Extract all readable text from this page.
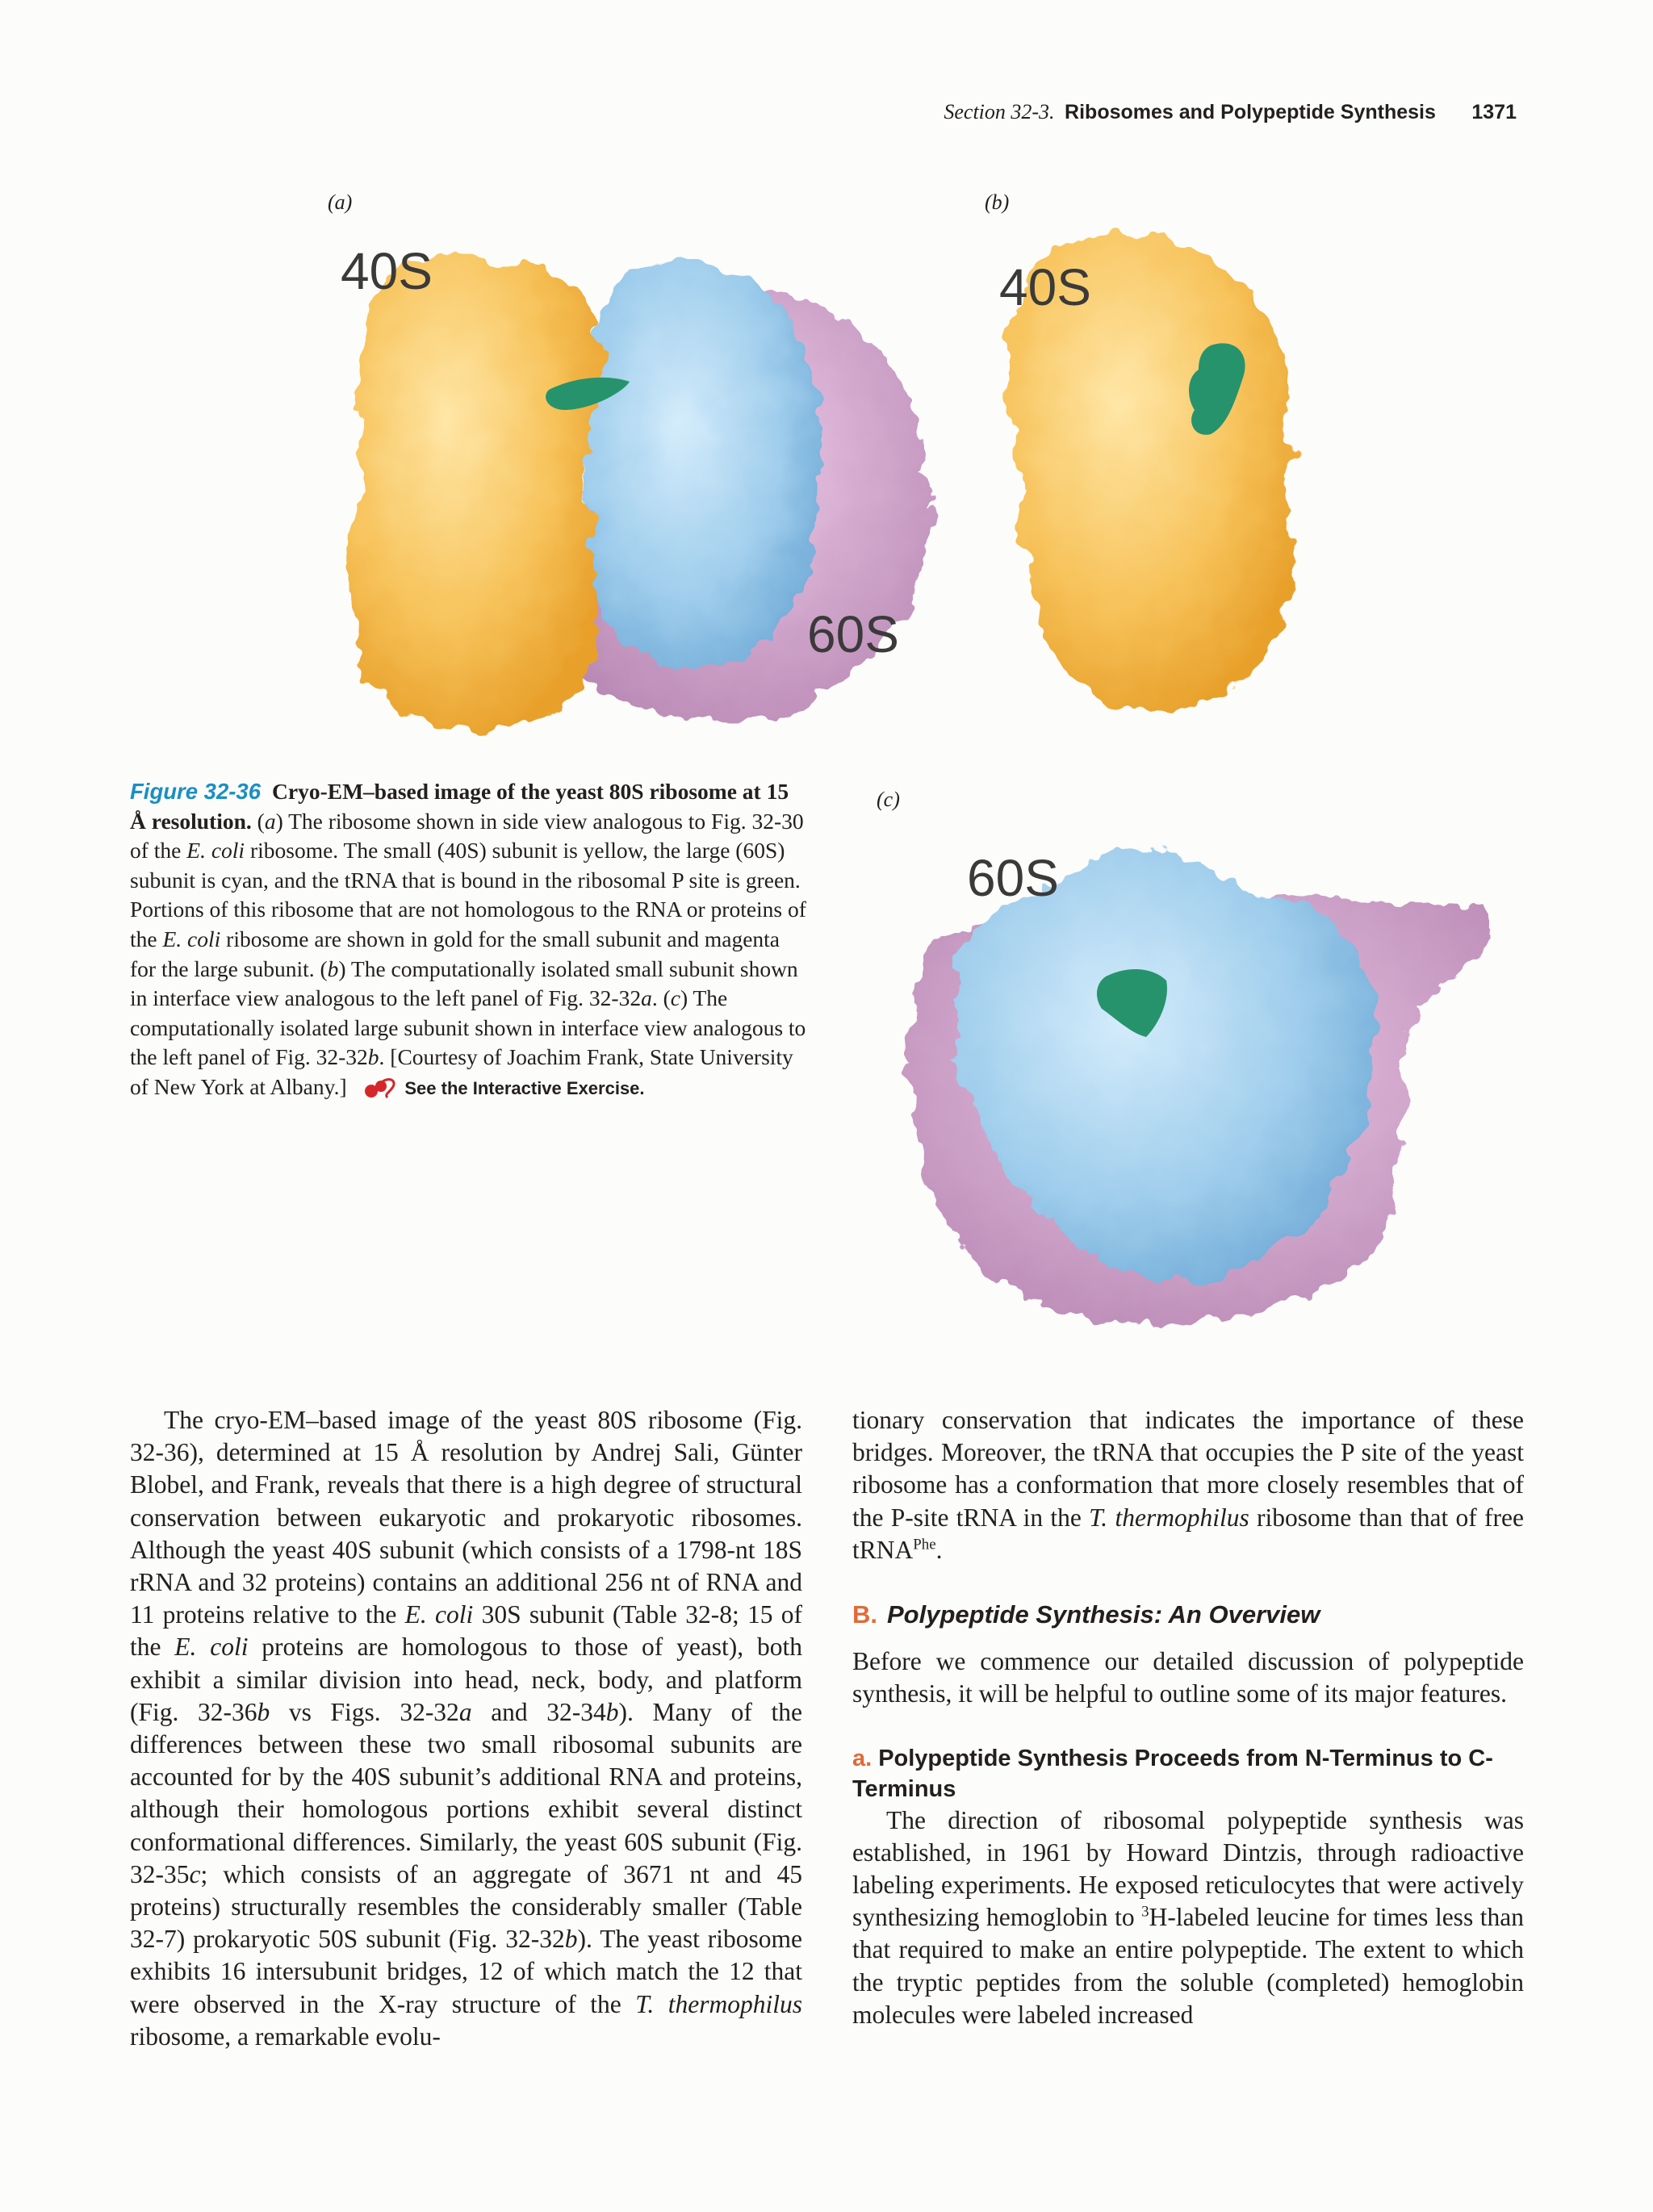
Section 32-3. Ribosomes and Polypeptide Synthesis 1371
(a)
40S
60S
(b)
40S
(c)
60S
Figure 32-36 Cryo-EM–based image of the yeast 80S ribosome at 15 Å resolution. (a) The ribosome shown in side view analogous to Fig. 32-30 of the E. coli ribosome. The small (40S) subunit is yellow, the large (60S) subunit is cyan, and the tRNA that is bound in the ribosomal P site is green. Portions of this ribosome that are not homologous to the RNA or proteins of the E. coli ribosome are shown in gold for the small subunit and magenta for the large subunit. (b) The computationally isolated small subunit shown in interface view analogous to the left panel of Fig. 32-32a. (c) The computationally isolated large subunit shown in interface view analogous to the left panel of Fig. 32-32b. [Courtesy of Joachim Frank, State University of New York at Albany.]	See the Interactive Exercise.

The cryo-EM–based image of the yeast 80S ribosome (Fig. 32-36), determined at 15 Å resolution by Andrej Sali, Günter Blobel, and Frank, reveals that there is a high degree of structural conservation between eukaryotic and prokaryotic ribosomes. Although the yeast 40S subunit (which consists of a 1798-nt 18S rRNA and 32 proteins) contains an additional 256 nt of RNA and 11 proteins relative to the E. coli 30S subunit (Table 32-8; 15 of the E. coli proteins are homologous to those of yeast), both exhibit a similar division into head, neck, body, and platform (Fig. 32-36b vs Figs. 32-32a and 32-34b). Many of the differences between these two small ribosomal subunits are accounted for by the 40S subunit’s additional RNA and proteins, although their homologous portions exhibit several distinct conformational differences. Similarly, the yeast 60S subunit (Fig. 32-35c; which consists of an aggregate of 3671 nt and 45 proteins) structurally resembles the considerably smaller (Table 32-7) prokaryotic 50S subunit (Fig. 32-32b). The yeast ribosome exhibits 16 intersubunit bridges, 12 of which match the 12 that were observed in the X-ray structure of the T. thermophilus ribosome, a remarkable evolu-

tionary conservation that indicates the importance of these bridges. Moreover, the tRNA that occupies the P site of the yeast ribosome has a conformation that more closely resembles that of the P-site tRNA in the T. thermophilus ribosome than that of free tRNA$^{Phe}$.

B. Polypeptide Synthesis: An Overview

Before we commence our detailed discussion of polypeptide synthesis, it will be helpful to outline some of its major features.

a. Polypeptide Synthesis Proceeds from N-Terminus to C-Terminus

The direction of ribosomal polypeptide synthesis was established, in 1961 by Howard Dintzis, through radioactive labeling experiments. He exposed reticulocytes that were actively synthesizing hemoglobin to $^3$H-labeled leucine for times less than that required to make an entire polypeptide. The extent to which the tryptic peptides from the soluble (completed) hemoglobin molecules were labeled increased
